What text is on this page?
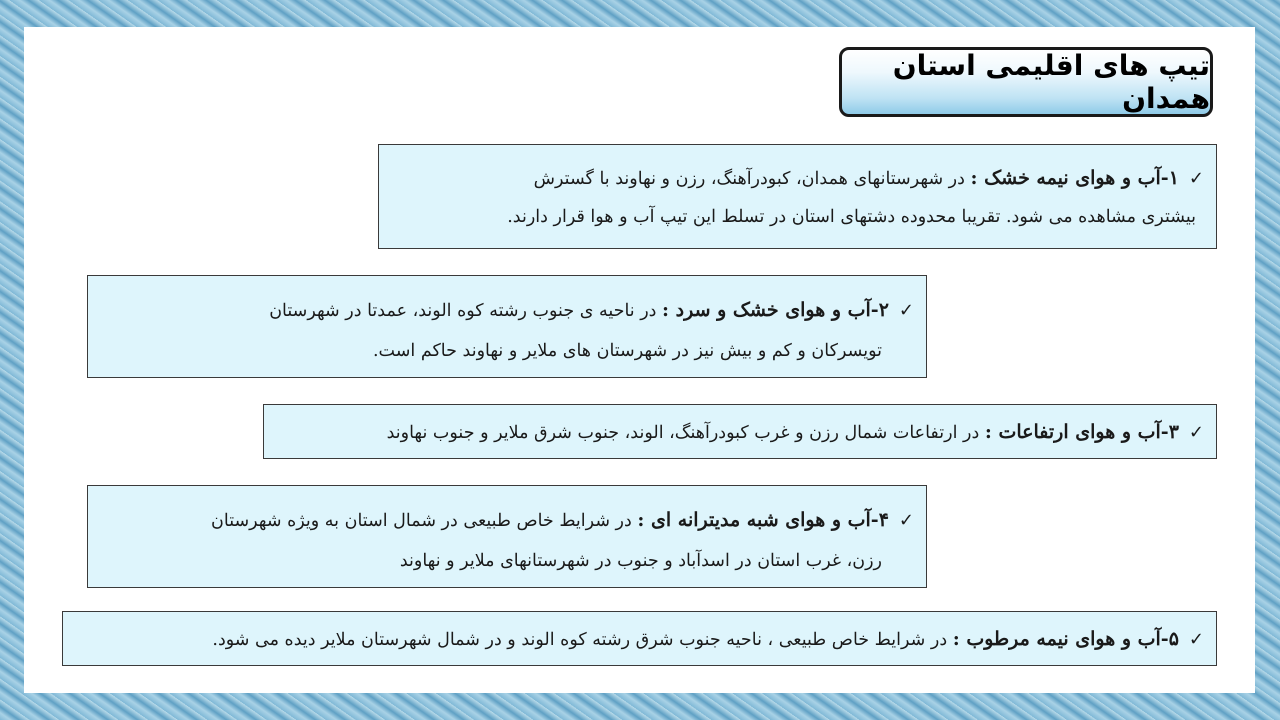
تیپ های اقلیمی استان همدان

✓۱-آب و هوای نیمه خشک : در شهرستانهای همدان، کبودرآهنگ، رزن و نهاوند با گسترش
بیشتری مشاهده می شود. تقریبا محدوده دشتهای استان در تسلط این تیپ آب و هوا قرار دارند.

✓۲-آب و هوای خشک و سرد : در ناحیه ی جنوب رشته کوه الوند، عمدتا در شهرستان
تویسرکان و کم و بیش نیز در شهرستان های ملایر و نهاوند حاکم است.

✓۳-آب و هوای ارتفاعات : در ارتفاعات شمال رزن و غرب کبودرآهنگ، الوند، جنوب شرق ملایر و جنوب نهاوند

✓۴-آب و هوای شبه مدیترانه ای : در شرایط خاص طبیعی در شمال استان به ویژه شهرستان
رزن، غرب استان در اسدآباد و جنوب در شهرستانهای ملایر و نهاوند

✓۵-آب و هوای نیمه مرطوب : در شرایط خاص طبیعی ، ناحیه جنوب شرق رشته کوه الوند و در شمال شهرستان ملایر دیده می شود.
